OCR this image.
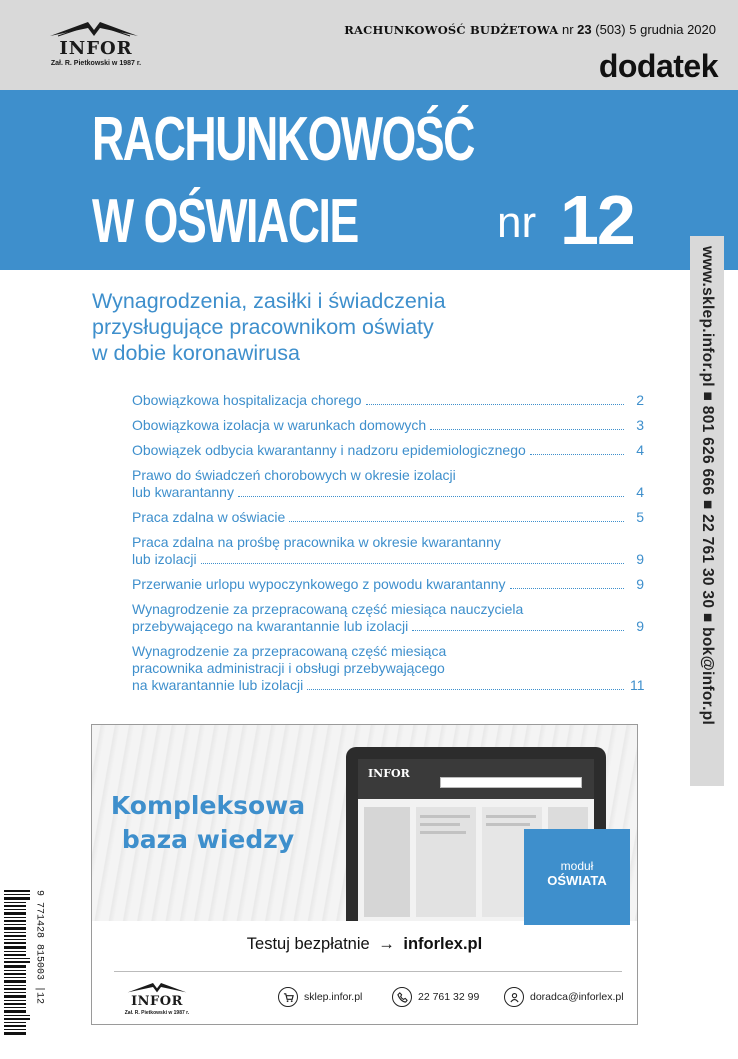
INFOR
Zał. R. Pietkowski w 1987 r.
RACHUNKOWOŚĆ BUDŻETOWA nr 23 (503) 5 grudnia 2020
dodatek
RACHUNKOWOŚĆ
W OŚWIACIE	nr 12
www.sklep.infor.pl ■ 801 626 666 ■ 22 761 30 30 ■ bok@infor.pl
Wynagrodzenia, zasiłki i świadczenia
przysługujące pracownikom oświaty
w dobie koronawirusa
Obowiązkowa hospitalizacja chorego	2
Obowiązkowa izolacja w warunkach domowych	3
Obowiązek odbycia kwarantanny i nadzoru epidemiologicznego	4
Prawo do świadczeń chorobowych w okresie izolacji
lub kwarantanny	4
Praca zdalna w oświacie	5
Praca zdalna na prośbę pracownika w okresie kwarantanny
lub izolacji	9
Przerwanie urlopu wypoczynkowego z powodu kwarantanny	9
Wynagrodzenie za przepracowaną część miesiąca nauczyciela
przebywającego na kwarantannie lub izolacji	9
Wynagrodzenie za przepracowaną część miesiąca
pracownika administracji i obsługi przebywającego
na kwarantannie lub izolacji	11
Kompleksowa
baza wiedzy
INFOR
moduł
OŚWIATA
Testuj bezpłatnie → inforlex.pl
INFOR
Zał. R. Pietkowski w 1987 r.
sklep.infor.pl	22 761 32 99	doradca@inforlex.pl
9 771428 815003 |12
